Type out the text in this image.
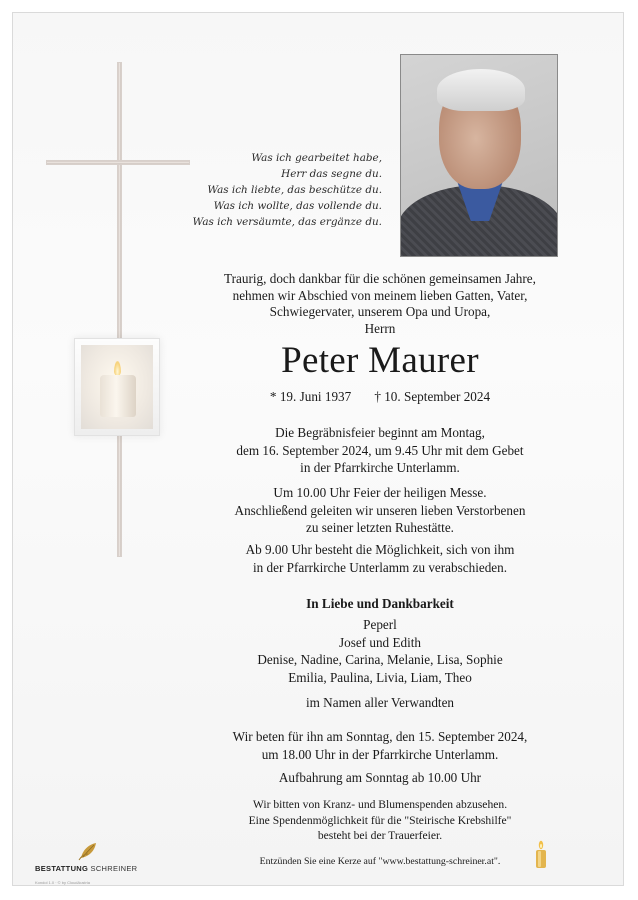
Was ich gearbeitet habe,
Herr das segne du.
Was ich liebte, das beschütze du.
Was ich wollte, das vollende du.
Was ich versäumte, das ergänze du.
Traurig, doch dankbar für die schönen gemeinsamen Jahre,
nehmen wir Abschied von meinem lieben Gatten, Vater,
Schwiegervater, unserem Opa und Uropa,
Herrn
Peter Maurer
* 19. Juni 1937       † 10. September 2024
Die Begräbnisfeier beginnt am Montag,
dem 16. September 2024, um 9.45 Uhr mit dem Gebet
in der Pfarrkirche Unterlamm.
Um 10.00 Uhr Feier der heiligen Messe.
Anschließend geleiten wir unseren lieben Verstorbenen
zu seiner letzten Ruhestätte.
Ab 9.00 Uhr besteht die Möglichkeit, sich von ihm
in der Pfarrkirche Unterlamm zu verabschieden.
In Liebe und Dankbarkeit
Peperl
Josef und Edith
Denise, Nadine, Carina, Melanie, Lisa, Sophie
Emilia, Paulina, Livia, Liam, Theo
im Namen aller Verwandten
Wir beten für ihn am Sonntag, den 15. September 2024,
um 18.00 Uhr in der Pfarrkirche Unterlamm.
Aufbahrung am Sonntag ab 10.00 Uhr
Wir bitten von Kranz- und Blumenspenden abzusehen.
Eine Spendenmöglichkeit für die "Steirische Krebshilfe"
besteht bei der Trauerfeier.
Entzünden Sie eine Kerze auf "www.bestattung-schreiner.at".
BESTATTUNG SCHREINER
Kondol 1.0 · © by CloudAustria
